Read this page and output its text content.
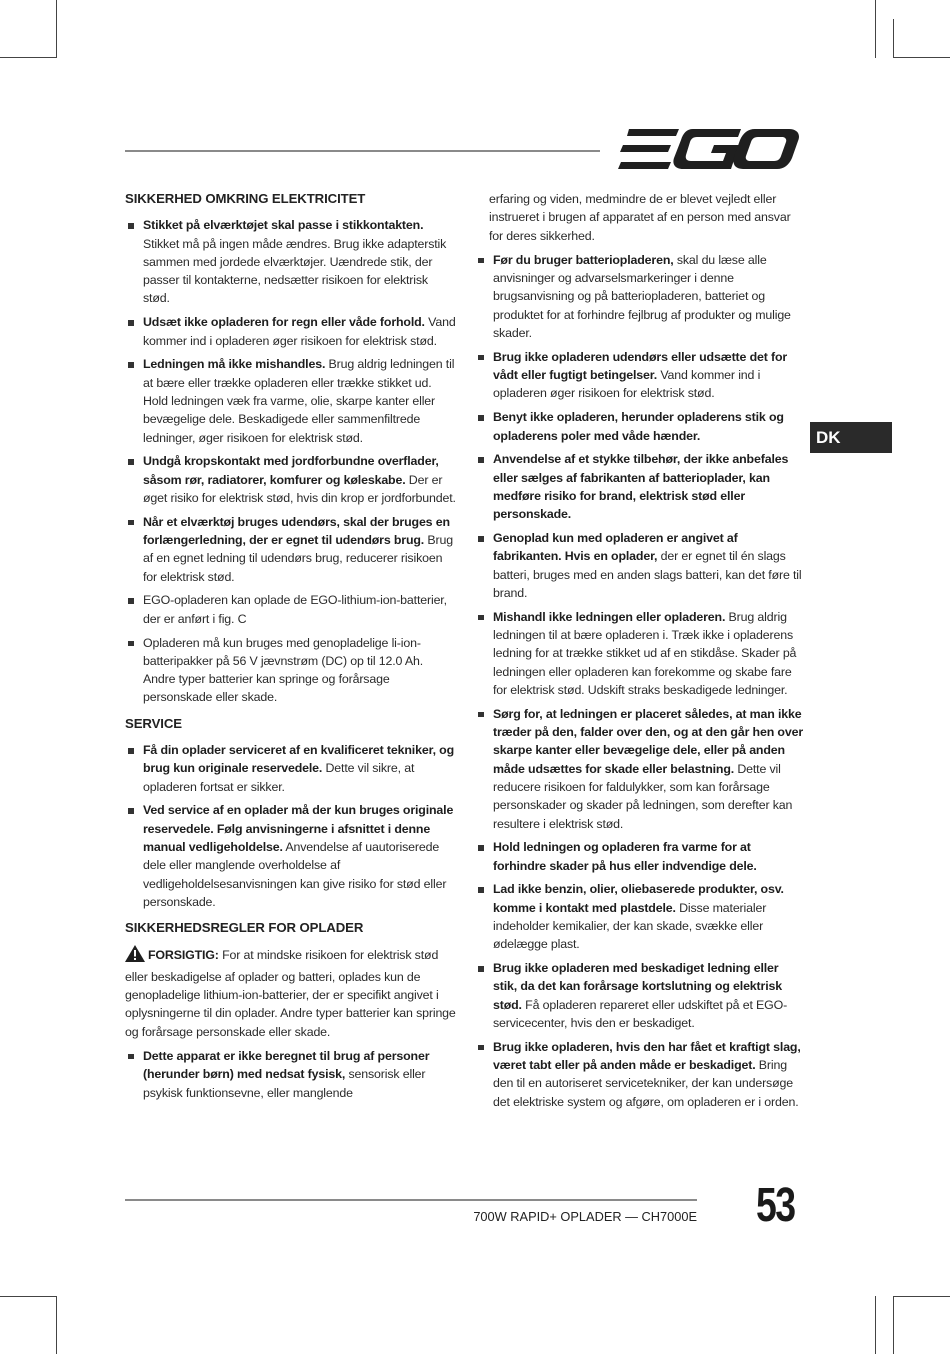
SIKKERHED OMKRING ELEKTRICITET
Stikket på elværktøjet skal passe i stikkontakten. Stikket må på ingen måde ændres. Brug ikke adapterstik sammen med jordede elværktøjer. Uændrede stik, der passer til kontakterne, nedsætter risikoen for elektrisk stød.
Udsæt ikke opladeren for regn eller våde forhold. Vand kommer ind i opladeren øger risikoen for elektrisk stød.
Ledningen må ikke mishandles. Brug aldrig ledningen til at bære eller trække opladeren eller trække stikket ud. Hold ledningen væk fra varme, olie, skarpe kanter eller bevægelige dele. Beskadigede eller sammenfiltrede ledninger, øger risikoen for elektrisk stød.
Undgå kropskontakt med jordforbundne overflader, såsom rør, radiatorer, komfurer og køleskabe. Der er øget risiko for elektrisk stød, hvis din krop er jordforbundet.
Når et elværktøj bruges udendørs, skal der bruges en forlængerledning, der er egnet til udendørs brug. Brug af en egnet ledning til udendørs brug, reducerer risikoen for elektrisk stød.
EGO-opladeren kan oplade de EGO-lithium-ion-batterier, der er anført i fig. C
Opladeren må kun bruges med genopladelige li-ion-batteripakker på 56 V jævnstrøm (DC) op til 12.0 Ah. Andre typer batterier kan springe og forårsage personskade eller skade.
SERVICE
Få din oplader serviceret af en kvalificeret tekniker, og brug kun originale reservedele. Dette vil sikre, at opladeren fortsat er sikker.
Ved service af en oplader må der kun bruges originale reservedele. Følg anvisningerne i afsnittet i denne manual vedligeholdelse. Anvendelse af uautoriserede dele eller manglende overholdelse af vedligeholdelsesanvisningen kan give risiko for stød eller personskade.
SIKKERHEDSREGLER FOR OPLADER

FORSIGTIG: For at mindske risikoen for elektrisk stød eller beskadigelse af oplader og batteri, oplades kun de genopladelige lithium-ion-batterier, der er specifikt angivet i oplysningerne til din oplader. Andre typer batterier kan springe og forårsage personskade eller skade.

Dette apparat er ikke beregnet til brug af personer (herunder børn) med nedsat fysisk, sensorisk eller psykisk funktionsevne, eller manglende

erfaring og viden, medmindre de er blevet vejledt eller instrueret i brugen af apparatet af en person med ansvar for deres sikkerhed.

Før du bruger batteriopladeren, skal du læse alle anvisninger og advarselsmarkeringer i denne brugsanvisning og på batteriopladeren, batteriet og produktet for at forhindre fejlbrug af produkter og mulige skader.
Brug ikke opladeren udendørs eller udsætte det for vådt eller fugtigt betingelser. Vand kommer ind i opladeren øger risikoen for elektrisk stød.
Benyt ikke opladeren, herunder opladerens stik og opladerens poler med våde hænder.
Anvendelse af et stykke tilbehør, der ikke anbefales eller sælges af fabrikanten af batterioplader, kan medføre risiko for brand, elektrisk stød eller personskade.
Genoplad kun med opladeren er angivet af fabrikanten. Hvis en oplader, der er egnet til én slags batteri, bruges med en anden slags batteri, kan det føre til brand.
Mishandl ikke ledningen eller opladeren. Brug aldrig ledningen til at bære opladeren i. Træk ikke i opladerens ledning for at trække stikket ud af en stikdåse. Skader på ledningen eller opladeren kan forekomme og skabe fare for elektrisk stød. Udskift straks beskadigede ledninger.
Sørg for, at ledningen er placeret således, at man ikke træder på den, falder over den, og at den går hen over skarpe kanter eller bevægelige dele, eller på anden måde udsættes for skade eller belastning. Dette vil reducere risikoen for faldulykker, som kan forårsage personskader og skader på ledningen, som derefter kan resultere i elektrisk stød.
Hold ledningen og opladeren fra varme for at forhindre skader på hus eller indvendige dele.
Lad ikke benzin, olier, oliebaserede produkter, osv. komme i kontakt med plastdele. Disse materialer indeholder kemikalier, der kan skade, svække eller ødelægge plast.
Brug ikke opladeren med beskadiget ledning eller stik, da det kan forårsage kortslutning og elektrisk stød. Få opladeren repareret eller udskiftet på et EGO-servicecenter, hvis den er beskadiget.
Brug ikke opladeren, hvis den har fået et kraftigt slag, været tabt eller på anden måde er beskadiget. Bring den til en autoriseret servicetekniker, der kan undersøge det elektriske system og afgøre, om opladeren er i orden.
DK
700W RAPID+ OPLADER — CH7000E 53
